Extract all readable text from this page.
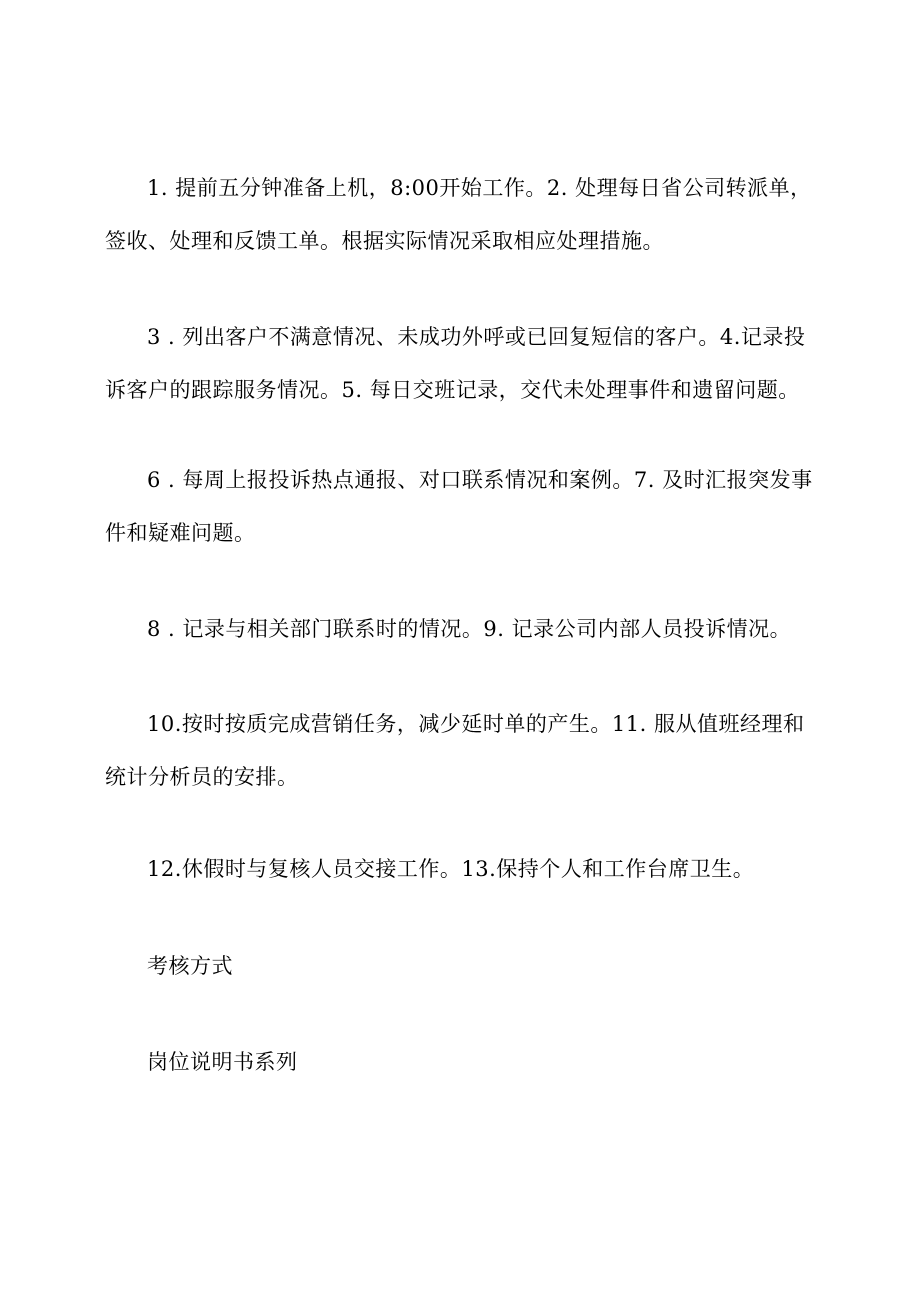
1. 提前五分钟准备上机，8:00开始工作。2. 处理每日省公司转派单，签收、处理和反馈工单。根据实际情况采取相应处理措施。

3 . 列出客户不满意情况、未成功外呼或已回复短信的客户。4.记录投诉客户的跟踪服务情况。5. 每日交班记录，交代未处理事件和遗留问题。

6 . 每周上报投诉热点通报、对口联系情况和案例。7. 及时汇报突发事件和疑难问题。

8 . 记录与相关部门联系时的情况。9. 记录公司内部人员投诉情况。

10.按时按质完成营销任务，减少延时单的产生。11. 服从值班经理和统计分析员的安排。

12.休假时与复核人员交接工作。13.保持个人和工作台席卫生。

考核方式

岗位说明书系列
